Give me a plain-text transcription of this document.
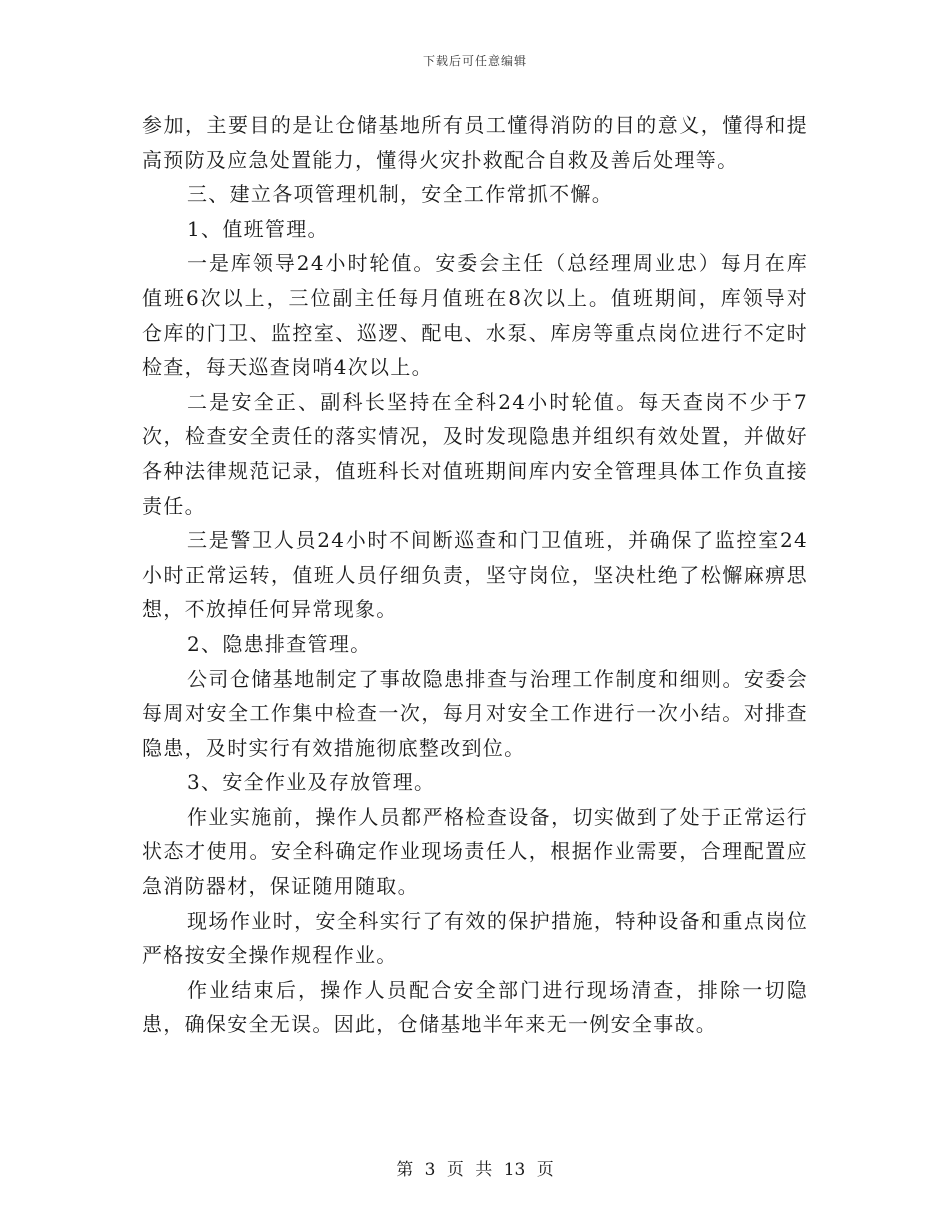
下载后可任意编辑

参加，主要目的是让仓储基地所有员工懂得消防的目的意义，懂得和提高预防及应急处置能力，懂得火灾扑救配合自救及善后处理等。

三、建立各项管理机制，安全工作常抓不懈。

1、值班管理。

一是库领导24小时轮值。安委会主任（总经理周业忠）每月在库值班6次以上，三位副主任每月值班在8次以上。值班期间，库领导对仓库的门卫、监控室、巡逻、配电、水泵、库房等重点岗位进行不定时检查，每天巡查岗哨4次以上。

二是安全正、副科长坚持在全科24小时轮值。每天查岗不少于7次，检查安全责任的落实情况，及时发现隐患并组织有效处置，并做好各种法律规范记录，值班科长对值班期间库内安全管理具体工作负直接责任。

三是警卫人员24小时不间断巡查和门卫值班，并确保了监控室24小时正常运转，值班人员仔细负责，坚守岗位，坚决杜绝了松懈麻痹思想，不放掉任何异常现象。

2、隐患排查管理。

公司仓储基地制定了事故隐患排查与治理工作制度和细则。安委会每周对安全工作集中检查一次，每月对安全工作进行一次小结。对排查隐患，及时实行有效措施彻底整改到位。

3、安全作业及存放管理。

作业实施前，操作人员都严格检查设备，切实做到了处于正常运行状态才使用。安全科确定作业现场责任人，根据作业需要，合理配置应急消防器材，保证随用随取。

现场作业时，安全科实行了有效的保护措施，特种设备和重点岗位严格按安全操作规程作业。

作业结束后，操作人员配合安全部门进行现场清查，排除一切隐患，确保安全无误。因此，仓储基地半年来无一例安全事故。

第 3 页 共 13 页
